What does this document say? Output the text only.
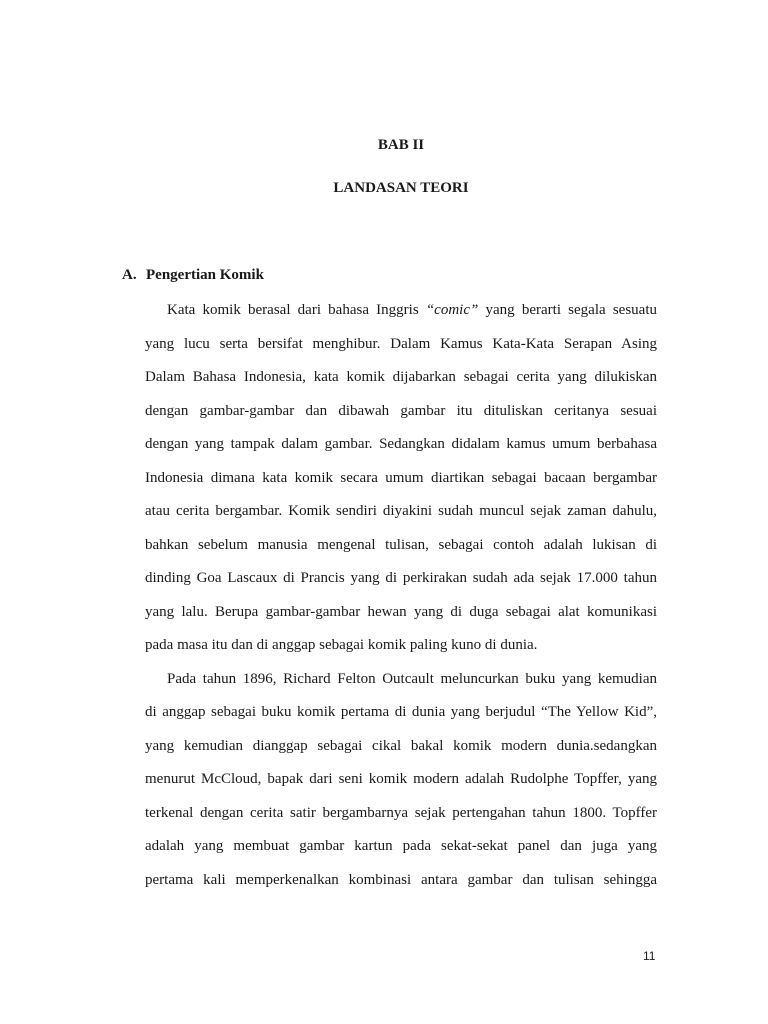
BAB II
LANDASAN TEORI
A. Pengertian Komik
Kata komik berasal dari bahasa Inggris “comic” yang berarti segala sesuatu
yang lucu serta bersifat menghibur. Dalam Kamus Kata-Kata Serapan Asing
Dalam Bahasa Indonesia, kata komik dijabarkan sebagai cerita yang dilukiskan
dengan gambar-gambar dan dibawah gambar itu dituliskan ceritanya sesuai
dengan yang tampak dalam gambar. Sedangkan didalam kamus umum berbahasa
Indonesia dimana kata komik secara umum diartikan sebagai bacaan bergambar
atau cerita bergambar. Komik sendiri diyakini sudah muncul sejak zaman dahulu,
bahkan sebelum manusia mengenal tulisan, sebagai contoh adalah lukisan di
dinding Goa Lascaux di Prancis yang di perkirakan sudah ada sejak 17.000 tahun
yang lalu. Berupa gambar-gambar hewan yang di duga sebagai alat komunikasi
pada masa itu dan di anggap sebagai komik paling kuno di dunia.
Pada tahun 1896, Richard Felton Outcault meluncurkan buku yang kemudian
di anggap sebagai buku komik pertama di dunia yang berjudul “The Yellow Kid”,
yang kemudian dianggap sebagai cikal bakal komik modern dunia.sedangkan
menurut McCloud, bapak dari seni komik modern adalah Rudolphe Topffer, yang
terkenal dengan cerita satir bergambarnya sejak pertengahan tahun 1800. Topffer
adalah yang membuat gambar kartun pada sekat-sekat panel dan juga yang
pertama kali memperkenalkan kombinasi antara gambar dan tulisan sehingga
11
